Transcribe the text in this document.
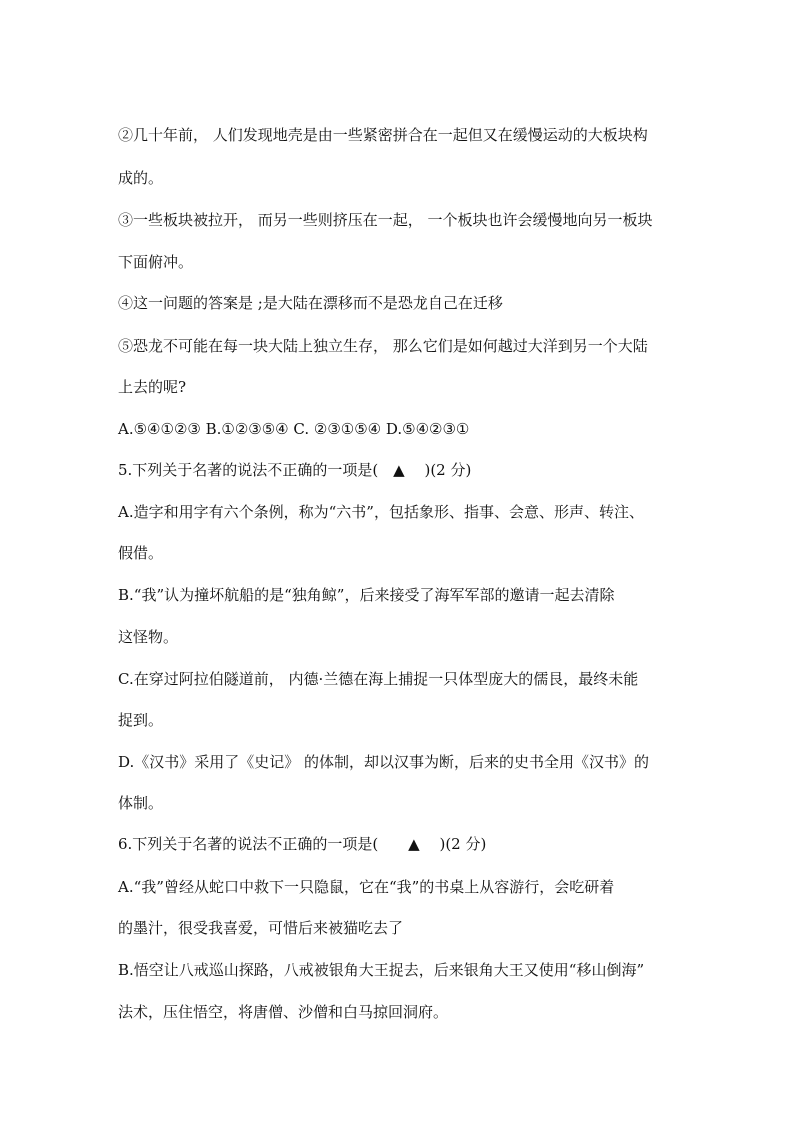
②几十年前， 人们发现地壳是由一些紧密拼合在一起但又在缓慢运动的大板块构
成的。
③一些板块被拉开， 而另一些则挤压在一起， 一个板块也许会缓慢地向另一板块
下面俯冲。
④这一问题的答案是 ;是大陆在漂移而不是恐龙自己在迁移
⑤恐龙不可能在每一块大陆上独立生存， 那么它们是如何越过大洋到另一个大陆
上去的呢?
A.⑤④①②③ B.①②③⑤④ C. ②③①⑤④ D.⑤④②③①
5.下列关于名著的说法不正确的一项是(　▲　 )(2 分)
A.造字和用字有六个条例，称为“六书”，包括象形、指事、会意、形声、转注、
假借。
B.“我”认为撞坏航船的是“独角鲸”，后来接受了海军军部的邀请一起去清除
这怪物。
C.在穿过阿拉伯隧道前， 内德·兰德在海上捕捉一只体型庞大的儒艮，最终未能
捉到。
D.《汉书》采用了《史记》 的体制，却以汉事为断，后来的史书全用《汉书》的
体制。
6.下列关于名著的说法不正确的一项是(　　▲　 )(2 分)
A.“我”曾经从蛇口中救下一只隐鼠，它在“我”的书桌上从容游行，会吃研着
的墨汁，很受我喜爱，可惜后来被猫吃去了
B.悟空让八戒巡山探路，八戒被银角大王捉去，后来银角大王又使用“移山倒海”
法术，压住悟空，将唐僧、沙僧和白马掠回洞府。
